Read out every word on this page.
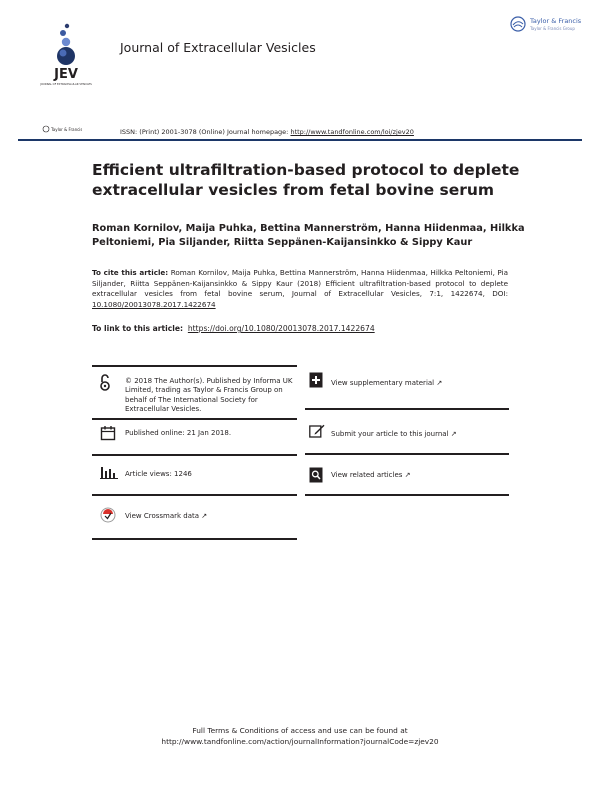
JEV
JOURNAL OF EXTRACELLULAR VESICLES
Journal of Extracellular Vesicles
Taylor & Francis
Taylor & Francis Group
Taylor & Francis	ISSN: (Print) 2001-3078 (Online) Journal homepage: http://www.tandfonline.com/loi/zjev20
Efficient ultrafiltration-based protocol to deplete extracellular vesicles from fetal bovine serum
Roman Kornilov, Maija Puhka, Bettina Mannerström, Hanna Hiidenmaa, Hilkka Peltoniemi, Pia Siljander, Riitta Seppänen-Kaijansinkko & Sippy Kaur
To cite this article: Roman Kornilov, Maija Puhka, Bettina Mannerström, Hanna Hiidenmaa, Hilkka Peltoniemi, Pia Siljander, Riitta Seppänen-Kaijansinkko & Sippy Kaur (2018) Efficient ultrafiltration-based protocol to deplete extracellular vesicles from fetal bovine serum, Journal of Extracellular Vesicles, 7:1, 1422674, DOI: 10.1080/20013078.2017.1422674
To link to this article: https://doi.org/10.1080/20013078.2017.1422674
© 2018 The Author(s). Published by Informa UK Limited, trading as Taylor & Francis Group on behalf of The International Society for Extracellular Vesicles.
Published online: 21 Jan 2018.
Article views: 1246
View Crossmark data ↗
View supplementary material ↗
Submit your article to this journal ↗
View related articles ↗
Full Terms & Conditions of access and use can be found at
http://www.tandfonline.com/action/journalInformation?journalCode=zjev20
